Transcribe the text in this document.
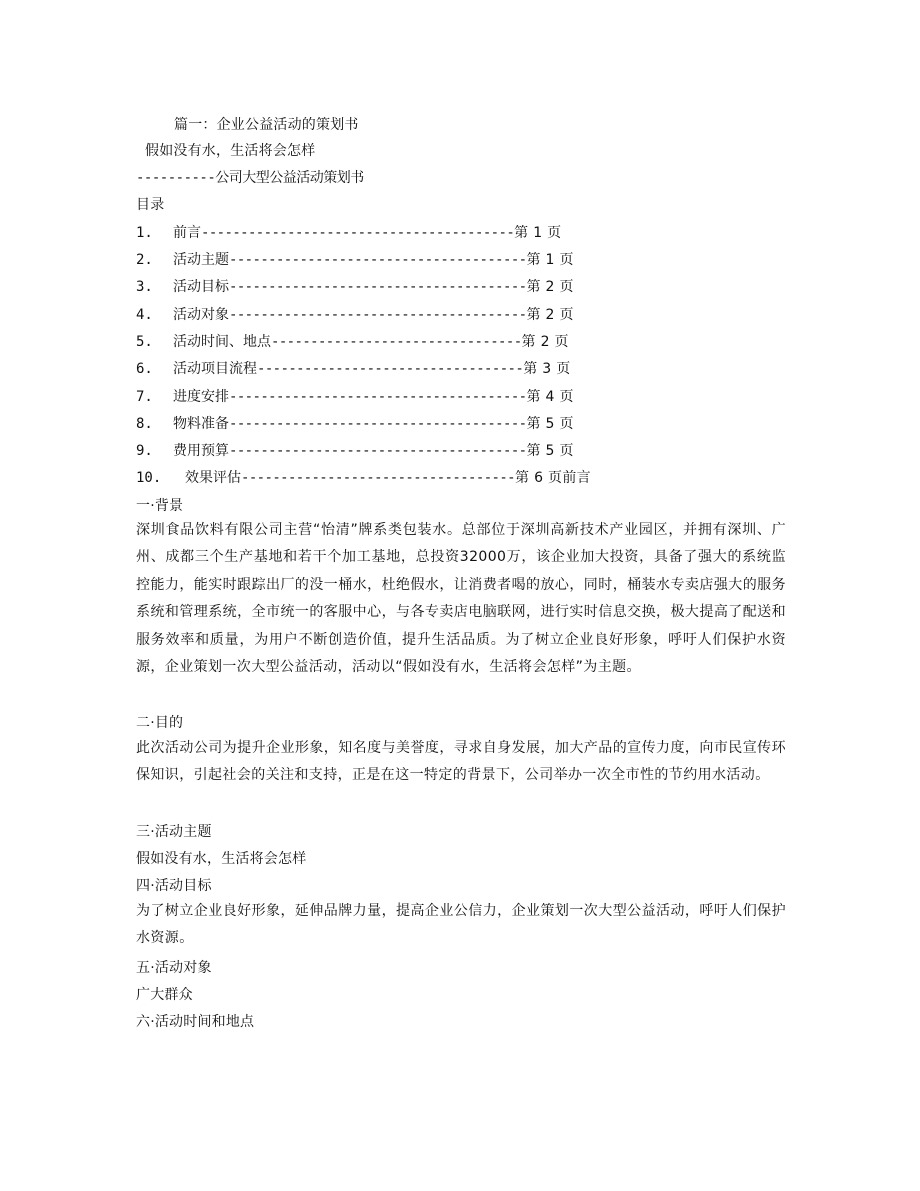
篇一：企业公益活动的策划书
假如没有水，生活将会怎样
----------公司大型公益活动策划书
目录
1. 前言----------------------------------------第 1 页
2. 活动主题--------------------------------------第 1 页
3. 活动目标--------------------------------------第 2 页
4. 活动对象--------------------------------------第 2 页
5. 活动时间、地点--------------------------------第 2 页
6. 活动项目流程----------------------------------第 3 页
7. 进度安排--------------------------------------第 4 页
8. 物料准备--------------------------------------第 5 页
9. 费用预算--------------------------------------第 5 页
10. 效果评估-----------------------------------第 6 页前言
一·背景
深圳食品饮料有限公司主营“怡清”牌系类包装水。总部位于深圳高新技术产业园区，并拥有深圳、广州、成都三个生产基地和若干个加工基地，总投资32000万，该企业加大投资，具备了强大的系统监控能力，能实时跟踪出厂的没一桶水，杜绝假水，让消费者喝的放心，同时，桶装水专卖店强大的服务系统和管理系统，全市统一的客服中心，与各专卖店电脑联网，进行实时信息交换，极大提高了配送和服务效率和质量，为用户不断创造价值，提升生活品质。为了树立企业良好形象，呼吁人们保护水资源，企业策划一次大型公益活动，活动以“假如没有水，生活将会怎样”为主题。
二·目的
此次活动公司为提升企业形象，知名度与美誉度，寻求自身发展，加大产品的宣传力度，向市民宣传环保知识，引起社会的关注和支持，正是在这一特定的背景下，公司举办一次全市性的节约用水活动。
三·活动主题
假如没有水，生活将会怎样
四·活动目标
为了树立企业良好形象，延伸品牌力量，提高企业公信力，企业策划一次大型公益活动，呼吁人们保护水资源。
五·活动对象
广大群众
六·活动时间和地点
